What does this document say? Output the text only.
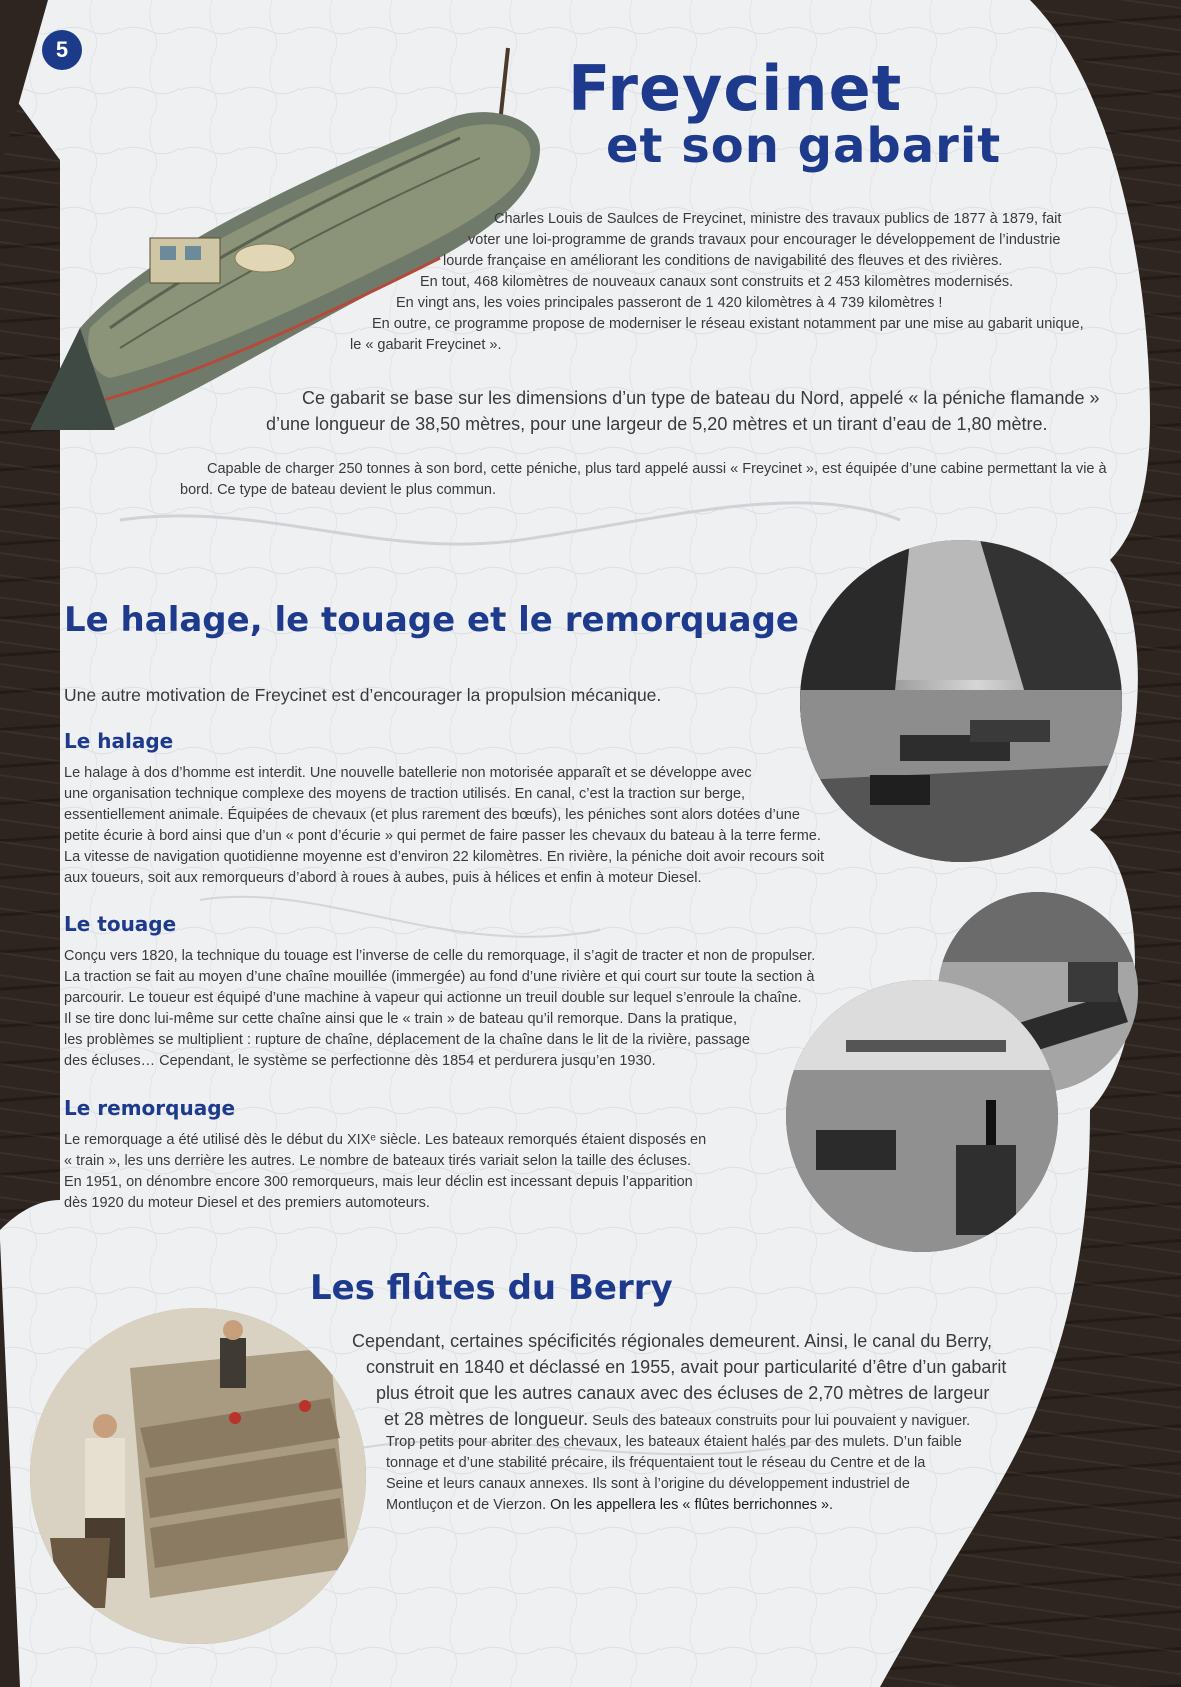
5
Freycinet
et son gabarit
Charles Louis de Saulces de Freycinet, ministre des travaux publics de 1877 à 1879, fait
voter une loi-programme de grands travaux pour encourager le développement de l’industrie
lourde française en améliorant les conditions de navigabilité des fleuves et des rivières.
En tout, 468 kilomètres de nouveaux canaux sont construits et 2 453 kilomètres modernisés.
En vingt ans, les voies principales passeront de 1 420 kilomètres à 4 739 kilomètres !
En outre, ce programme propose de moderniser le réseau existant notamment par une mise au gabarit unique,
le « gabarit Freycinet ».
Ce gabarit se base sur les dimensions d’un type de bateau du Nord, appelé « la péniche flamande »
d’une longueur de 38,50 mètres, pour une largeur de 5,20 mètres et un tirant d’eau de 1,80 mètre.
Capable de charger 250 tonnes à son bord, cette péniche, plus tard appelé aussi « Freycinet », est équipée d’une cabine permettant la vie à
bord. Ce type de bateau devient le plus commun.
Le halage, le touage et le remorquage
Une autre motivation de Freycinet est d’encourager la propulsion mécanique.
Le halage
Le halage à dos d’homme est interdit. Une nouvelle batellerie non motorisée apparaît et se développe avec
une organisation technique complexe des moyens de traction utilisés. En canal, c’est la traction sur berge,
essentiellement animale. Équipées de chevaux (et plus rarement des bœufs), les péniches sont alors dotées d’une
petite écurie à bord ainsi que d’un « pont d’écurie » qui permet de faire passer les chevaux du bateau à la terre ferme.
La vitesse de navigation quotidienne moyenne est d’environ 22 kilomètres. En rivière, la péniche doit avoir recours soit
aux toueurs, soit aux remorqueurs d’abord à roues à aubes, puis à hélices et enfin à moteur Diesel.
Le touage
Conçu vers 1820, la technique du touage est l’inverse de celle du remorquage, il s’agit de tracter et non de propulser.
La traction se fait au moyen d’une chaîne mouillée (immergée) au fond d’une rivière et qui court sur toute la section à
parcourir. Le toueur est équipé d’une machine à vapeur qui actionne un treuil double sur lequel s’enroule la chaîne.
Il se tire donc lui-même sur cette chaîne ainsi que le « train » de bateau qu’il remorque. Dans la pratique,
les problèmes se multiplient : rupture de chaîne, déplacement de la chaîne dans le lit de la rivière, passage
des écluses… Cependant, le système se perfectionne dès 1854 et perdurera jusqu’en 1930.
Le remorquage
Le remorquage a été utilisé dès le début du XIXᵉ siècle. Les bateaux remorqués étaient disposés en
« train », les uns derrière les autres. Le nombre de bateaux tirés variait selon la taille des écluses.
En 1951, on dénombre encore 300 remorqueurs, mais leur déclin est incessant depuis l’apparition
dès 1920 du moteur Diesel et des premiers automoteurs.
Les flûtes du Berry
Cependant, certaines spécificités régionales demeurent. Ainsi, le canal du Berry,
construit en 1840 et déclassé en 1955, avait pour particularité d’être d’un gabarit
plus étroit que les autres canaux avec des écluses de 2,70 mètres de largeur
et 28 mètres de longueur. Seuls des bateaux construits pour lui pouvaient y naviguer.
Trop petits pour abriter des chevaux, les bateaux étaient halés par des mulets. D’un faible
tonnage et d’une stabilité précaire, ils fréquentaient tout le réseau du Centre et de la
Seine et leurs canaux annexes. Ils sont à l’origine du développement industriel de
Montluçon et de Vierzon. On les appellera les « flûtes berrichonnes ».
